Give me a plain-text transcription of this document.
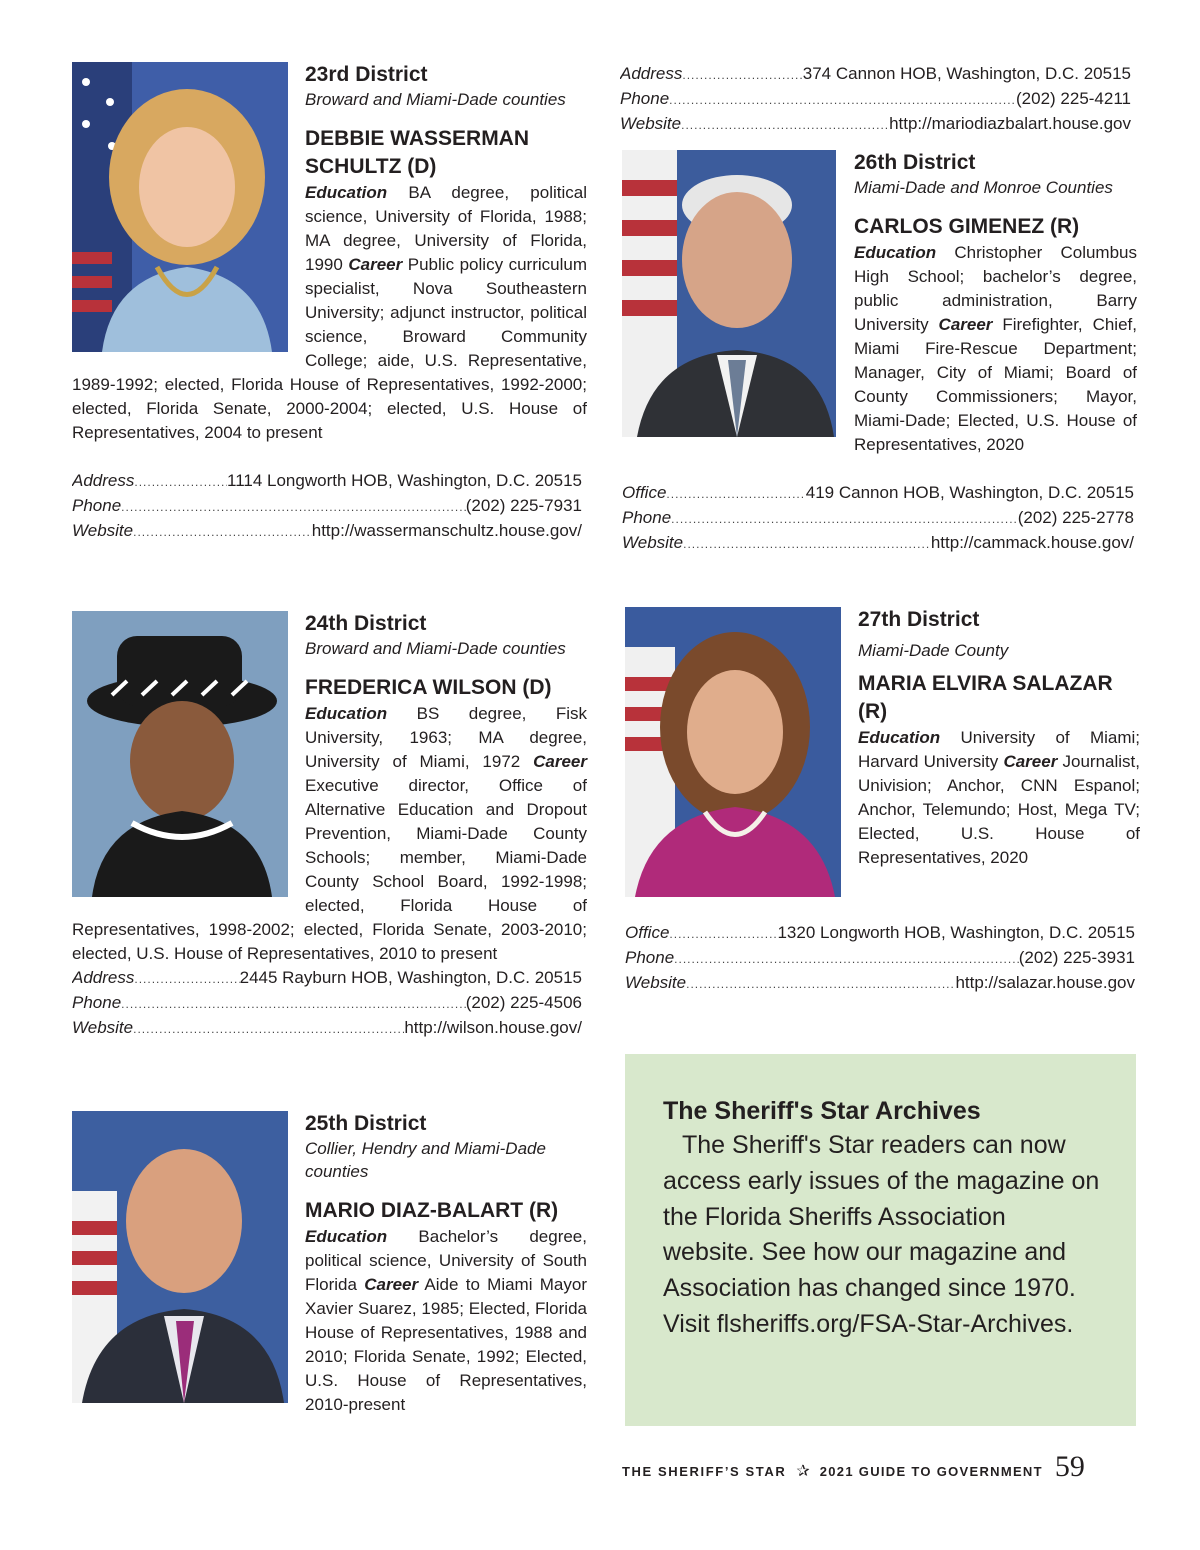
23rd District
Broward and Miami-Dade counties
DEBBIE WASSERMAN SCHULTZ (D)
Education BA degree, political science, University of Florida, 1988; MA degree, University of Florida, 1990 Career Public policy curriculum specialist, Nova Southeastern University; adjunct instructor, political science, Broward Community College; aide, U.S. Representative, 1989-1992; elected, Florida House of Representatives, 1992-2000; elected, Florida Senate, 2000-2004; elected, U.S. House of Representatives, 2004 to present
Address .....	1114 Longworth HOB, Washington, D.C. 20515
Phone .....	(202) 225-7931
Website .....	http://wassermanschultz.house.gov/
24th District
Broward and Miami-Dade counties
FREDERICA WILSON (D)
Education BS degree, Fisk University, 1963; MA degree, University of Miami, 1972 Career Executive director, Office of Alternative Education and Dropout Prevention, Miami-Dade County Schools; member, Miami-Dade County School Board, 1992-1998; elected, Florida House of Representatives, 1998-2002; elected, Florida Senate, 2003-2010; elected, U.S. House of Representatives, 2010 to present
Address .....	2445 Rayburn HOB, Washington, D.C. 20515
Phone .....	(202) 225-4506
Website .....	http://wilson.house.gov/
25th District
Collier, Hendry and Miami-Dade counties
MARIO DIAZ-BALART (R)
Education Bachelor’s degree, political science, University of South Florida Career Aide to Miami Mayor Xavier Suarez, 1985; Elected, Florida House of Representatives, 1988 and 2010; Florida Senate, 1992; Elected, U.S. House of Representatives, 2010-present
Address .....	374 Cannon HOB, Washington, D.C. 20515
Phone .....	(202) 225-4211
Website .....	http://mariodiazbalart.house.gov
26th District
Miami-Dade and Monroe Counties
CARLOS GIMENEZ (R)
Education Christopher Columbus High School; bachelor’s degree, public administration, Barry University Career Firefighter, Chief, Miami Fire-Rescue Department; Manager, City of Miami; Board of County Commissioners; Mayor, Miami-Dade; Elected, U.S. House of Representatives, 2020
Office .....	419 Cannon HOB, Washington, D.C. 20515
Phone .....	(202) 225-2778
Website .....	http://cammack.house.gov/
27th District
Miami-Dade County
MARIA ELVIRA SALAZAR (R)
Education University of Miami; Harvard University Career Journalist, Univision; Anchor, CNN Espanol; Anchor, Telemundo; Host, Mega TV; Elected, U.S. House of Representatives, 2020
Office .....	1320 Longworth HOB, Washington, D.C. 20515
Phone .....	(202) 225-3931
Website .....	http://salazar.house.gov
The Sheriff's Star Archives
The Sheriff's Star readers can now access early issues of the magazine on the Florida Sheriffs Association website. See how our magazine and Association has changed since 1970. Visit flsheriffs.org/FSA-Star-Archives.
THE SHERIFF’S STAR ✰ 2021 GUIDE TO GOVERNMENT 59
